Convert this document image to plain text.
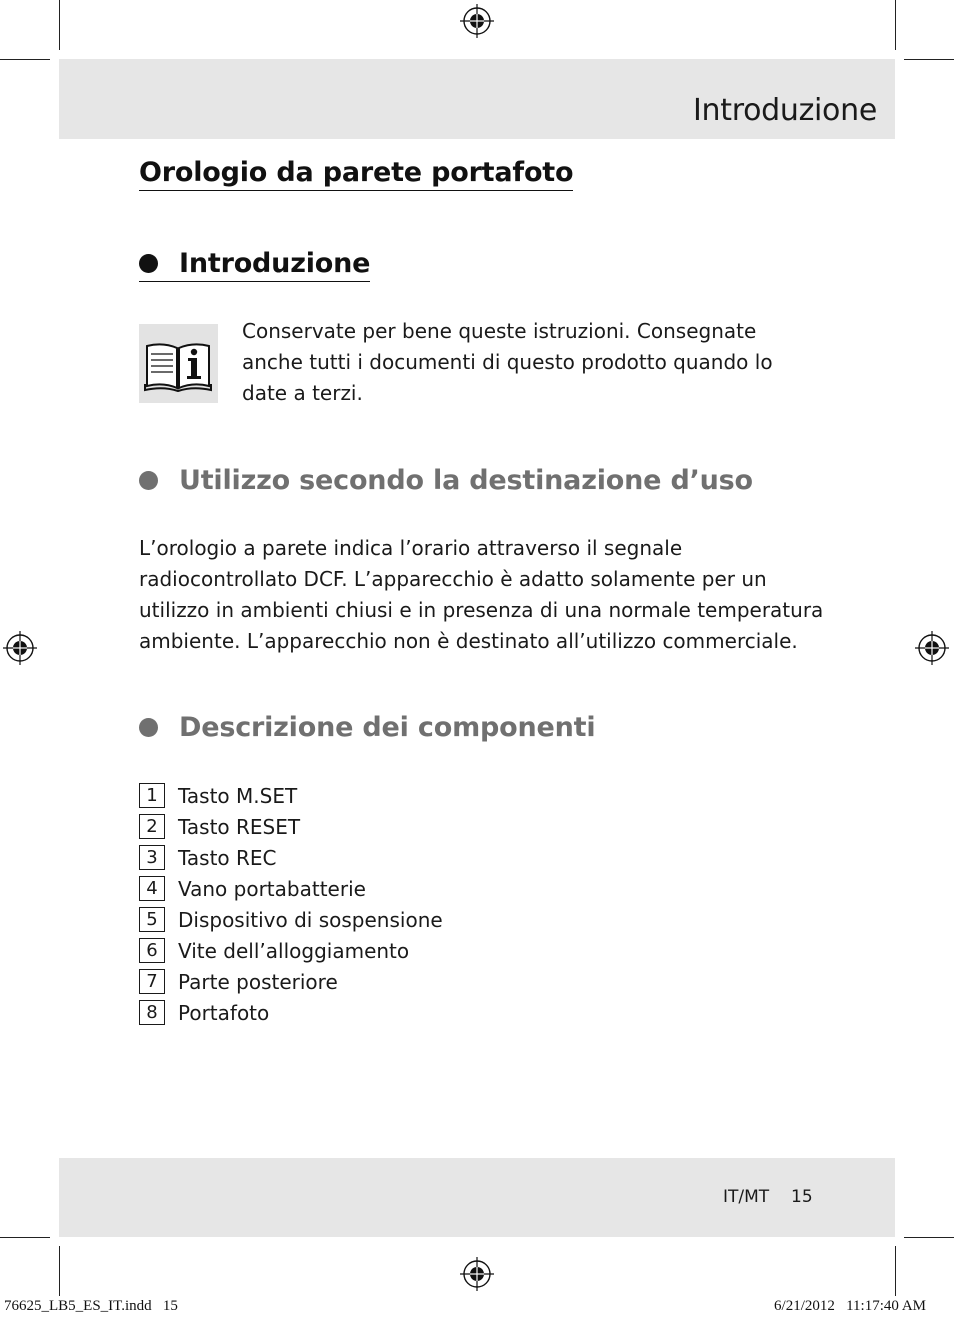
Introduzione
Orologio da parete portafoto
Introduzione

Conservate per bene queste istruzioni. Consegnate anche tutti i documenti di questo prodotto quando lo date a terzi.

Utilizzo secondo la destinazione d’uso

L’orologio a parete indica l’orario attraverso il segnale radiocontrollato DCF. L’apparecchio è adatto solamente per un utilizzo in ambienti chiusi e in presenza di una normale temperatura ambiente. L’apparecchio non è destinato all’utilizzo commerciale.

Descrizione dei componenti
1	Tasto M.SET
2	Tasto RESET
3	Tasto REC
4	Vano portabatterie
5	Dispositivo di sospensione
6	Vite dell’alloggiamento
7	Parte posteriore
8	Portafoto
IT/MT 15
76625_LB5_ES_IT.indd   15	6/21/2012   11:17:40 AM
